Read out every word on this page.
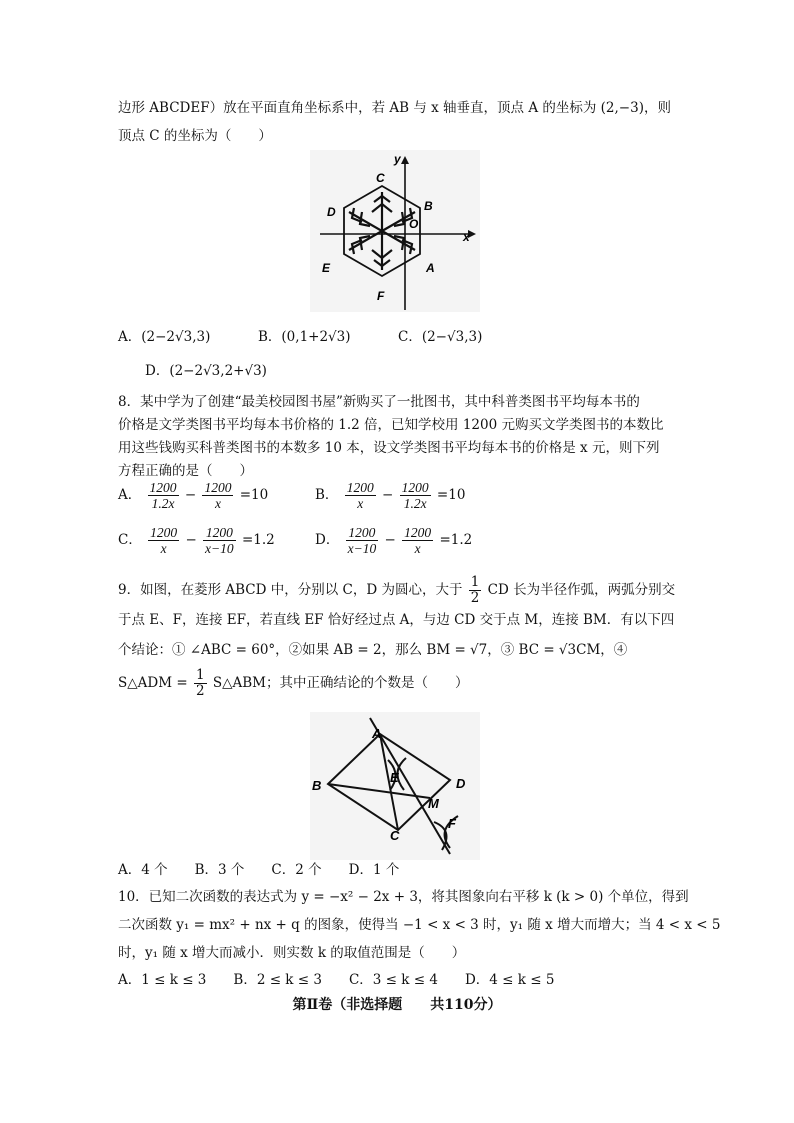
边形 ABCDEF）放在平面直角坐标系中，若 AB 与 x 轴垂直，顶点 A 的坐标为 (2,−3)，则
顶点 C 的坐标为（　　）
C
B
D
O
E	A
F
x
y
A．(2−2√3,3)	B．(0,1+2√3)	C．(2−√3,3)
D．(2−2√3,2+√3)
8．某中学为了创建“最美校园图书屋”新购买了一批图书，其中科普类图书平均每本书的
价格是文学类图书平均每本书价格的 1.2 倍，已知学校用 1200 元购买文学类图书的本数比
用这些钱购买科普类图书的本数多 10 本，设文学类图书平均每本书的价格是 x 元，则下列
方程正确的是（　　）
A． $\frac{1200}{1.2x} - \frac{1200}{x} =10$	B． $\frac{1200}{x} - \frac{1200}{1.2x} =10$
C． $\frac{1200}{x} - \frac{1200}{x-10} =1.2$	D． $\frac{1200}{x-10} - \frac{1200}{x} =1.2$
9．如图，在菱形 ABCD 中，分别以 C，D 为圆心，大于 $\frac{1}{2}$ CD 长为半径作弧，两弧分别交
于点 E、F，连接 EF，若直线 EF 恰好经过点 A，与边 CD 交于点 M，连接 BM．有以下四
个结论：① ∠ABC = 60°，②如果 AB = 2，那么 BM = √7，③ BC = √3CM，④
S△ADM = $\frac{1}{2}$ S△ABM；其中正确结论的个数是（　　）
A
B
C
D
E
F
M
A．4 个　　B．3 个　　C．2 个　　D．1 个
10．已知二次函数的表达式为 y = −x² − 2x + 3，将其图象向右平移 k (k > 0) 个单位，得到
二次函数 y₁ = mx² + nx + q 的图象，使得当 −1 < x < 3 时，y₁ 随 x 增大而增大；当 4 < x < 5
时，y₁ 随 x 增大而减小．则实数 k 的取值范围是（　　）
A．1 ≤ k ≤ 3　　B．2 ≤ k ≤ 3　　C．3 ≤ k ≤ 4　　D．4 ≤ k ≤ 5
第Ⅱ卷（非选择题　　共110分）
